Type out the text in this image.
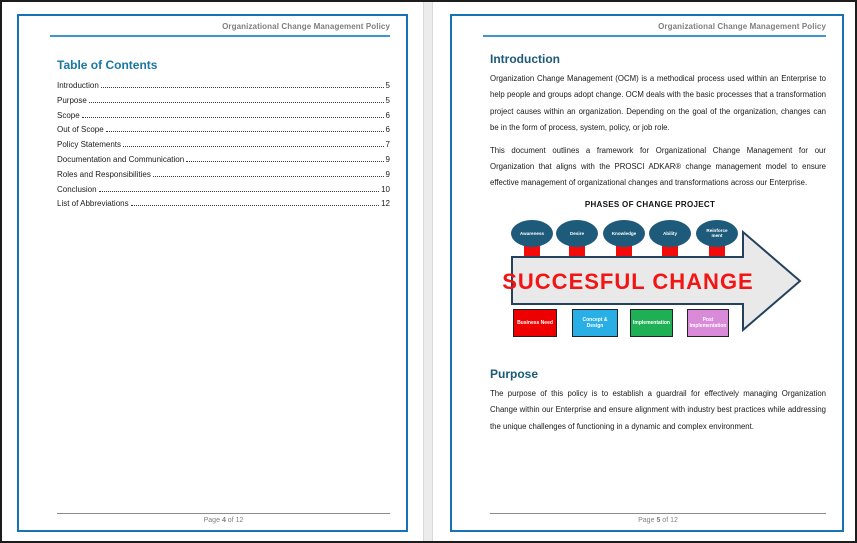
Organizational Change Management Policy
Table of Contents
Introduction	5
Purpose	5
Scope	6
Out of Scope	6
Policy Statements	7
Documentation and Communication	9
Roles and Responsibilities	9
Conclusion	10
List of Abbreviations	12
Page 4 of 12
Organizational Change Management Policy
Introduction

Organization Change Management (OCM) is a methodical process used within an Enterprise to help people and groups adopt change. OCM deals with the basic processes that a transformation project causes within an organization. Depending on the goal of the organization, changes can be in the form of process, system, policy, or job role.

This document outlines a framework for Organizational Change Management for our Organization that aligns with the PROSCI ADKAR® change management model to ensure effective management of organizational changes and transformations across our Enterprise.

PHASES OF CHANGE PROJECT
Awareness	Desire	Knowledge	Ability
Reinforce ment
SUCCESFUL CHANGE
Business Need	Concept & Design	Implementation	Post Implementation
Purpose

The purpose of this policy is to establish a guardrail for effectively managing Organization Change within our Enterprise and ensure alignment with industry best practices while addressing the unique challenges of functioning in a dynamic and complex environment.

Page 5 of 12
